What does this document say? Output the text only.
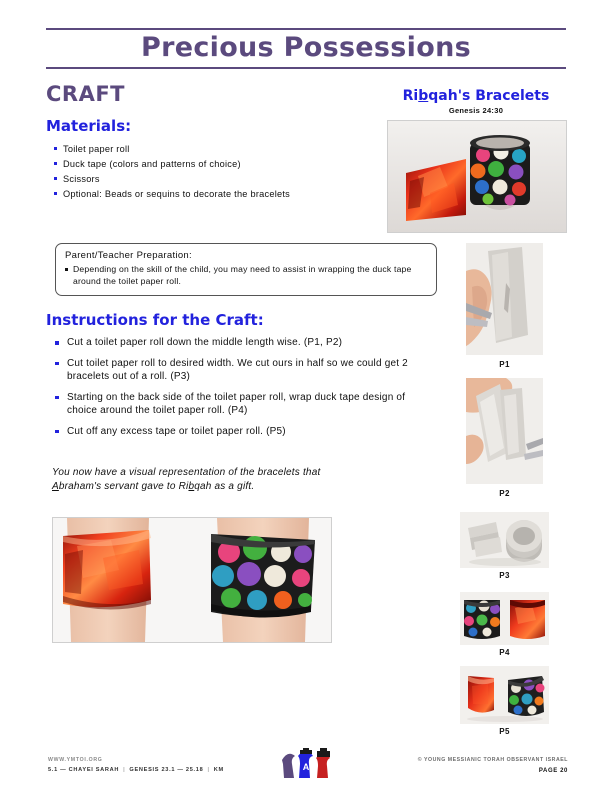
Precious Possessions
CRAFT
Materials:
Toilet paper roll
Duck tape (colors and patterns of choice)
Scissors
Optional: Beads or sequins to decorate the bracelets
Parent/Teacher Preparation:
Depending on the skill of the child, you may need to assist in wrapping the duck tape around the toilet paper roll.
Instructions for the Craft:
Cut a toilet paper roll down the middle length wise. (P1, P2)
Cut toilet paper roll to desired width. We cut ours in half so we could get 2 bracelets out of a roll. (P3)
Starting on the back side of the toilet paper roll, wrap duck tape design of choice around the toilet paper roll. (P4)
Cut off any excess tape or toilet paper roll. (P5)
You now have a visual representation of the bracelets that
Abraham's servant gave to Ribqah as a gift.
Ribqah's Bracelets
Genesis 24:30
P1
P2
P3
P4
P5
WWW.YMTOI.ORG
5.1 — CHAYEI SARAH | GENESIS 23.1 — 25.18 | KM
© YOUNG MESSIANIC TORAH OBSERVANT ISRAEL
PAGE 20
A
